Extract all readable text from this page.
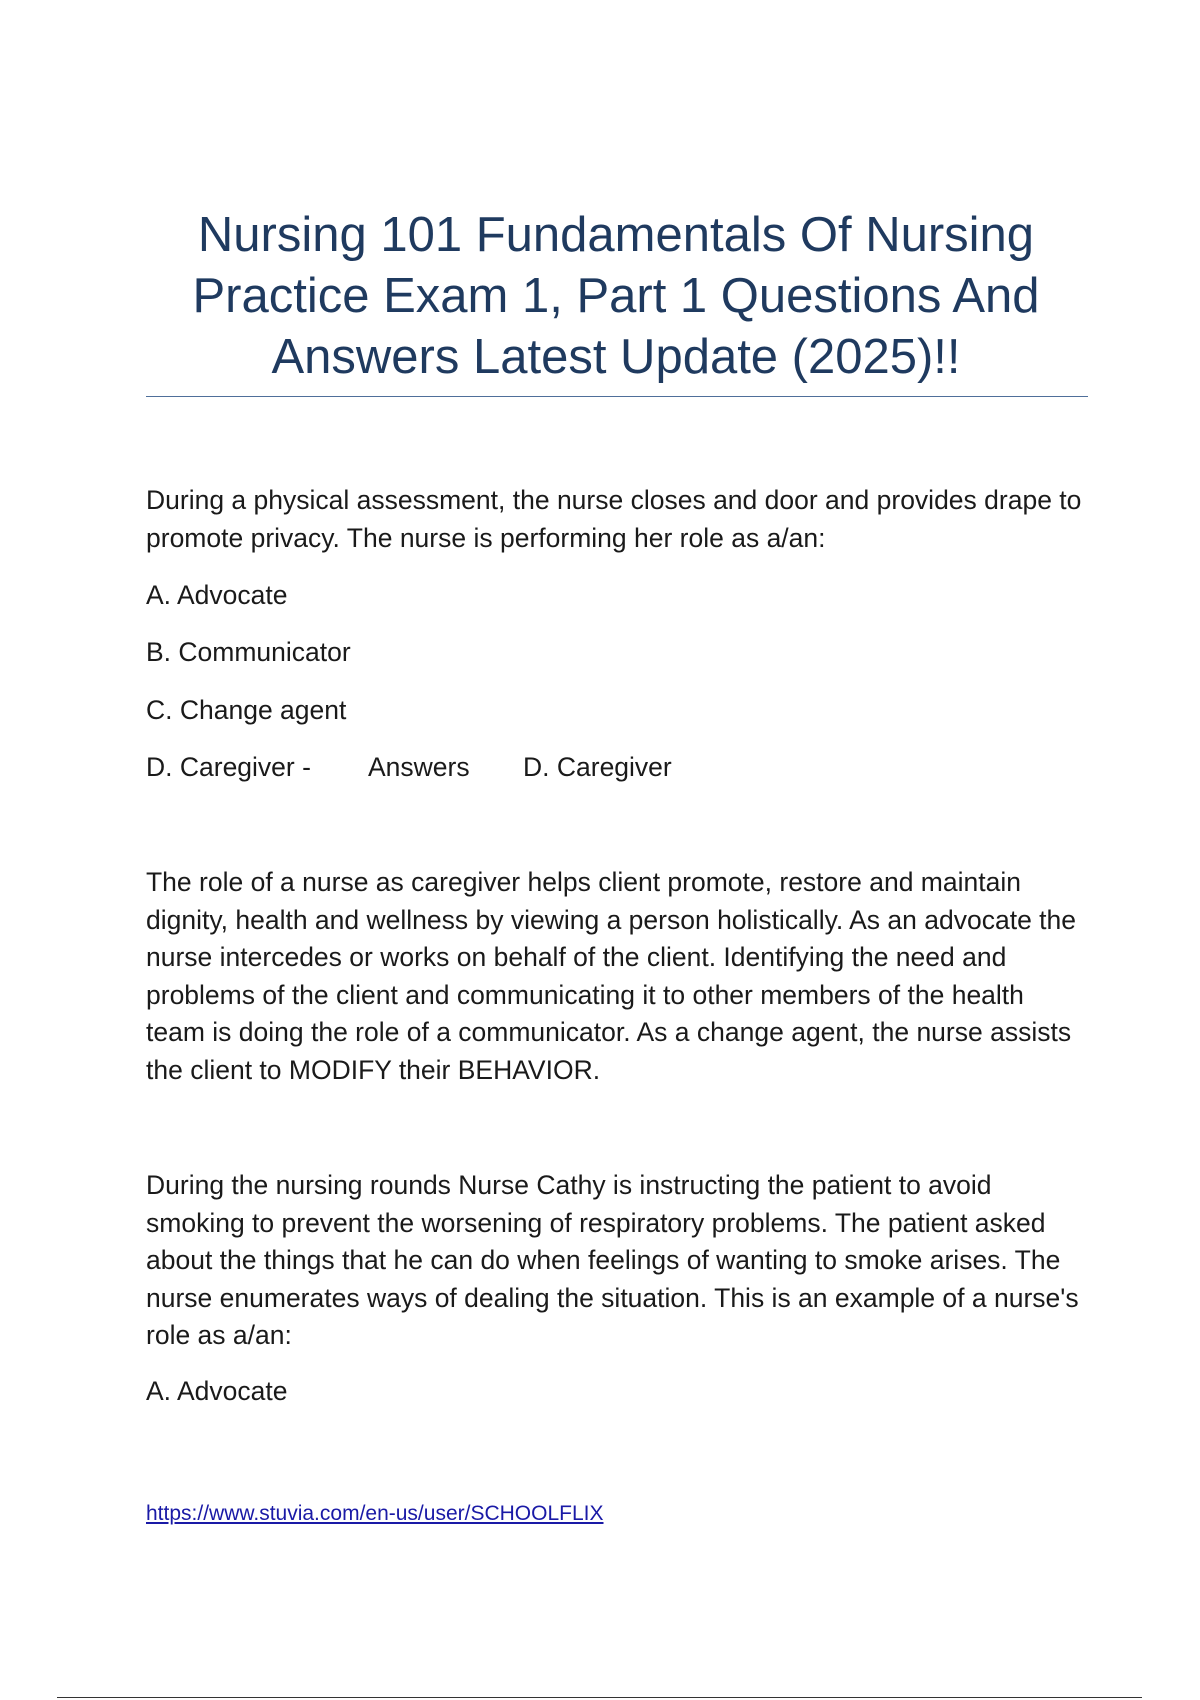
Nursing 101 Fundamentals Of Nursing Practice Exam 1, Part 1 Questions And Answers Latest Update (2025)!!

During a physical assessment, the nurse closes and door and provides drape to promote privacy. The nurse is performing her role as a/an:

A. Advocate

B. Communicator

C. Change agent

D. Caregiver - Answers D. Caregiver

The role of a nurse as caregiver helps client promote, restore and maintain dignity, health and wellness by viewing a person holistically. As an advocate the nurse intercedes or works on behalf of the client. Identifying the need and problems of the client and communicating it to other members of the health team is doing the role of a communicator. As a change agent, the nurse assists the client to MODIFY their BEHAVIOR.

During the nursing rounds Nurse Cathy is instructing the patient to avoid smoking to prevent the worsening of respiratory problems. The patient asked about the things that he can do when feelings of wanting to smoke arises. The nurse enumerates ways of dealing the situation. This is an example of a nurse's role as a/an:

A. Advocate

https://www.stuvia.com/en-us/user/SCHOOLFLIX
